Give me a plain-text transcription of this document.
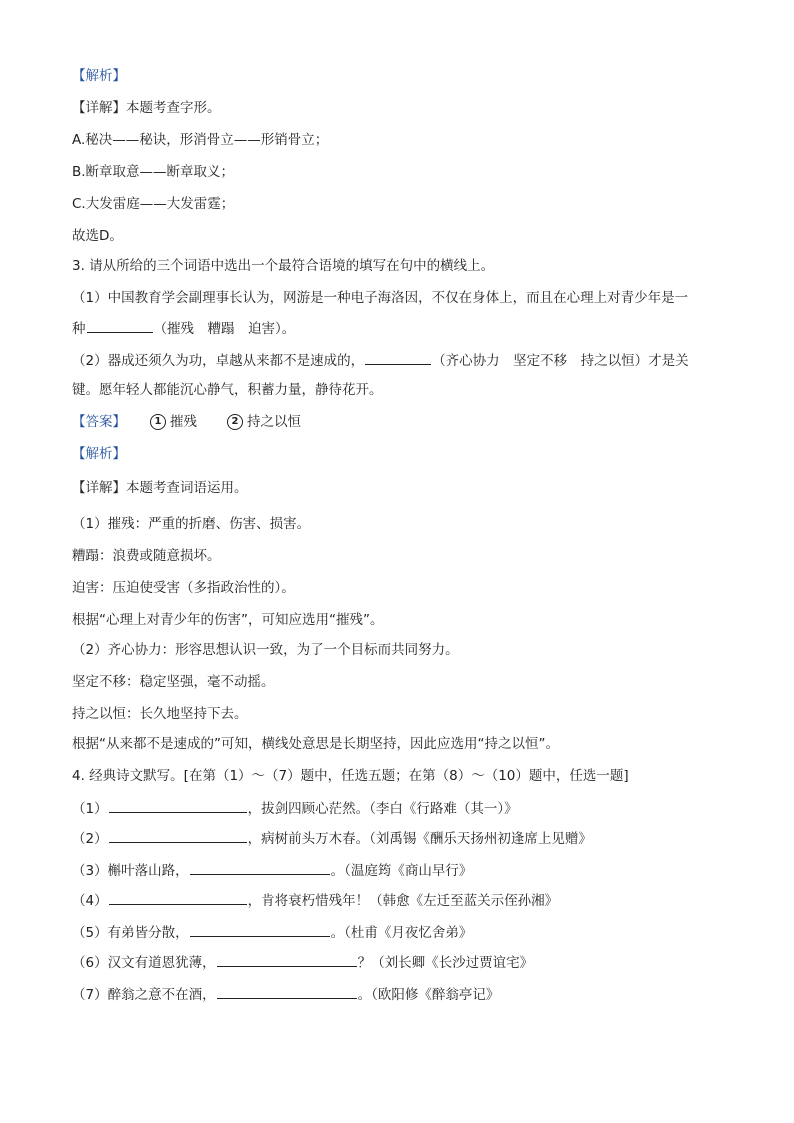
【解析】
【详解】本题考查字形。
A.秘决——秘诀，形消骨立——形销骨立；
B.断章取意——断章取义；
C.大发雷庭——大发雷霆；
故选D。
3. 请从所给的三个词语中选出一个最符合语境的填写在句中的横线上。
（1）中国教育学会副理事长认为，网游是一种电子海洛因，不仅在身体上，而且在心理上对青少年是一
种	（摧残　糟蹋　迫害）。
（2）器成还须久为功，卓越从来都不是速成的，	（齐心协力　坚定不移　持之以恒）才是关
键。愿年轻人都能沉心静气，积蓄力量，静待花开。
【答案】	1 摧残	2 持之以恒
【解析】
【详解】本题考查词语运用。
（1）摧残：严重的折磨、伤害、损害。
糟蹋：浪费或随意损坏。
迫害：压迫使受害（多指政治性的）。
根据“心理上对青少年的伤害”，可知应选用“摧残”。
（2）齐心协力：形容思想认识一致，为了一个目标而共同努力。
坚定不移：稳定坚强，毫不动摇。
持之以恒：长久地坚持下去。
根据“从来都不是速成的”可知，横线处意思是长期坚持，因此应选用“持之以恒”。
4. 经典诗文默写。[在第（1）～（7）题中，任选五题；在第（8）～（10）题中，任选一题]
（1）	，拔剑四顾心茫然。（李白《行路难（其一）》
（2）	，病树前头万木春。（刘禹锡《酬乐天扬州初逢席上见赠》
（3）槲叶落山路，	。（温庭筠《商山早行》
（4）	，肯将衰朽惜残年！（韩愈《左迁至蓝关示侄孙湘》
（5）有弟皆分散，	。（杜甫《月夜忆舍弟》
（6）汉文有道恩犹薄，	？（刘长卿《长沙过贾谊宅》
（7）醉翁之意不在酒，	。（欧阳修《醉翁亭记》
